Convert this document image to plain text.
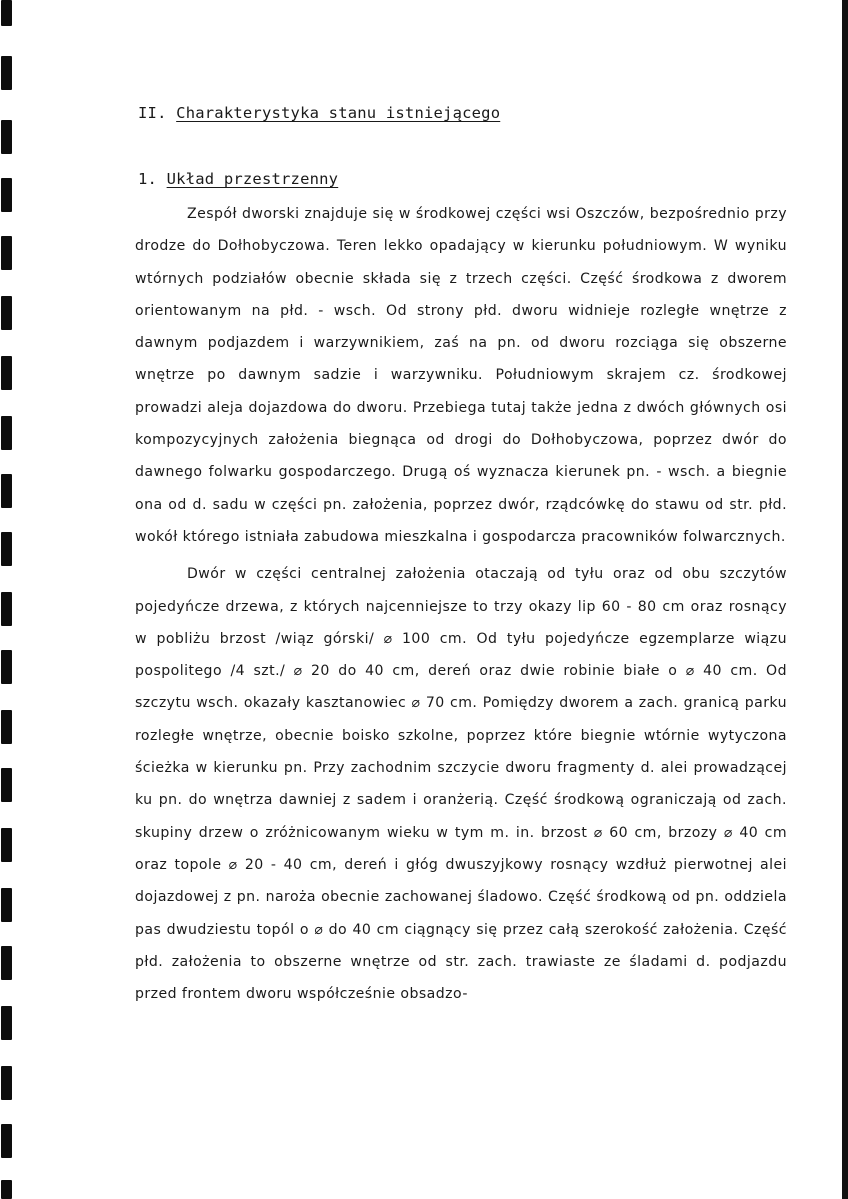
II. Charakterystyka stanu istniejącego
1. Układ przestrzenny

Zespół dworski znajduje się w środkowej części wsi Oszczów, bezpośrednio przy drodze do Dołhobyczowa. Teren lekko opadający w kierunku południowym. W wyniku wtórnych podziałów obecnie składa się z trzech części. Część środkowa z dworem orientowanym na płd. - wsch. Od strony płd. dworu widnieje rozległe wnętrze z dawnym podjazdem i warzywnikiem, zaś na pn. od dworu rozciąga się obszerne wnętrze po dawnym sadzie i warzywniku. Południowym skrajem cz. środkowej prowadzi aleja dojazdowa do dworu. Przebiega tutaj także jedna z dwóch głównych osi kompozycyjnych założenia biegnąca od drogi do Dołhobyczowa, poprzez dwór do dawnego folwarku gospodarczego. Drugą oś wyznacza kierunek pn. - wsch. a biegnie ona od d. sadu w części pn. założenia, poprzez dwór, rządcówkę do stawu od str. płd. wokół którego istniała zabudowa mieszkalna i gospodarcza pracowników folwarcznych.

Dwór w części centralnej założenia otaczają od tyłu oraz od obu szczytów pojedyńcze drzewa, z których najcenniejsze to trzy okazy lip 60 - 80 cm oraz rosnący w pobliżu brzost /wiąz górski/ ⌀ 100 cm. Od tyłu pojedyńcze egzemplarze wiązu pospolitego /4 szt./ ⌀ 20 do 40 cm, dereń oraz dwie robinie białe o ⌀ 40 cm. Od szczytu wsch. okazały kasztanowiec ⌀ 70 cm. Pomiędzy dworem a zach. granicą parku rozległe wnętrze, obecnie boisko szkolne, poprzez które biegnie wtórnie wytyczona ścieżka w kierunku pn. Przy zachodnim szczycie dworu fragmenty d. alei prowadzącej ku pn. do wnętrza dawniej z sadem i oranżerią. Część środkową ograniczają od zach. skupiny drzew o zróżnicowanym wieku w tym m. in. brzost ⌀ 60 cm, brzozy ⌀ 40 cm oraz topole ⌀ 20 - 40 cm, dereń i głóg dwuszyjkowy rosnący wzdłuż pierwotnej alei dojazdowej z pn. naroża obecnie zachowanej śladowo. Część środkową od pn. oddziela pas dwudziestu topól o ⌀ do 40 cm ciągnący się przez całą szerokość założenia. Część płd. założenia to obszerne wnętrze od str. zach. trawiaste ze śladami d. podjazdu przed frontem dworu współcześnie obsadzo-
